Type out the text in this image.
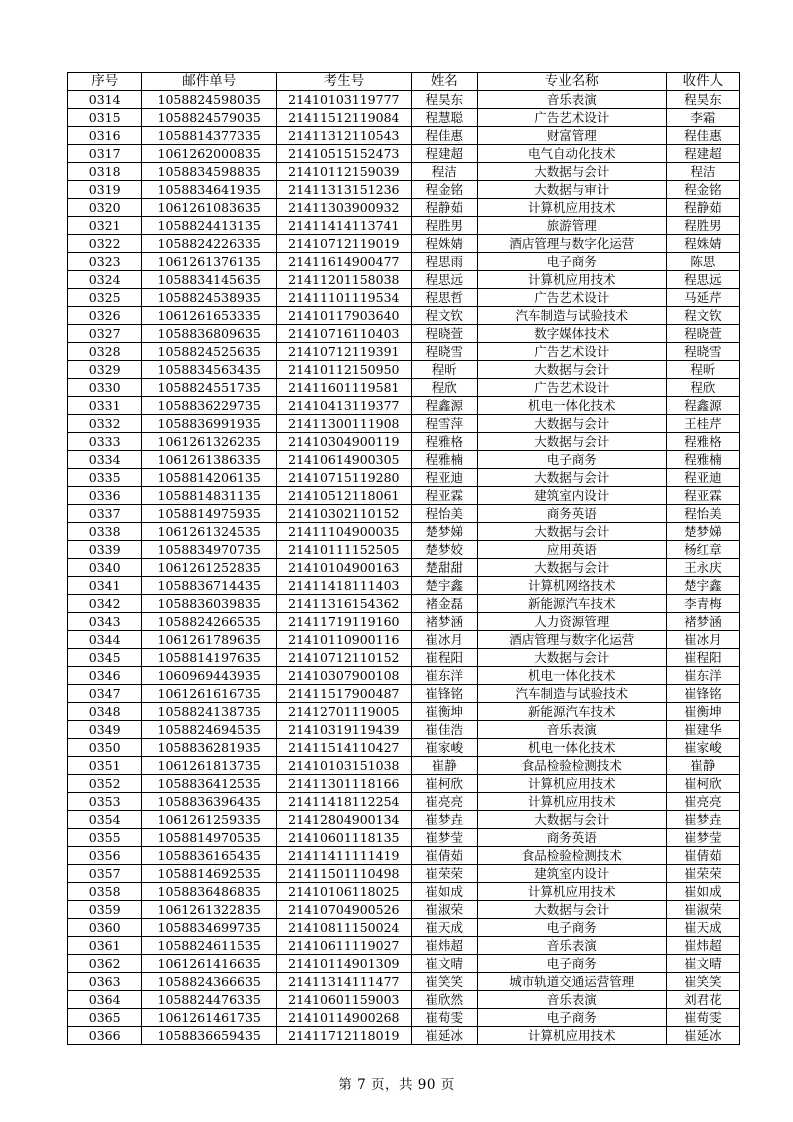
序号	邮件单号	考生号	姓名	专业名称	收件人
0314	1058824598035	21410103119777	程昊东	音乐表演	程昊东
0315	1058824579035	21411512119084	程慧聪	广告艺术设计	李霜
0316	1058814377335	21411312110543	程佳惠	财富管理	程佳惠
0317	1061262000835	21410515152473	程建超	电气自动化技术	程建超
0318	1058834598835	21410112159039	程洁	大数据与会计	程洁
0319	1058834641935	21411313151236	程金铭	大数据与审计	程金铭
0320	1061261083635	21411303900932	程静茹	计算机应用技术	程静茹
0321	1058824413135	21411414113741	程胜男	旅游管理	程胜男
0322	1058824226335	21410712119019	程姝婧	酒店管理与数字化运营	程姝婧
0323	1061261376135	21411614900477	程思雨	电子商务	陈思
0324	1058834145635	21411201158038	程思远	计算机应用技术	程思远
0325	1058824538935	21411101119534	程思哲	广告艺术设计	马延芹
0326	1061261653335	21410117903640	程文钦	汽车制造与试验技术	程文钦
0327	1058836809635	21410716110403	程晓萱	数字媒体技术	程晓萱
0328	1058824525635	21410712119391	程晓雪	广告艺术设计	程晓雪
0329	1058834563435	21410112150950	程昕	大数据与会计	程昕
0330	1058824551735	21411601119581	程欣	广告艺术设计	程欣
0331	1058836229735	21410413119377	程鑫源	机电一体化技术	程鑫源
0332	1058836991935	21411300111908	程雪萍	大数据与会计	王桂芹
0333	1061261326235	21410304900119	程雅格	大数据与会计	程雅格
0334	1061261386335	21410614900305	程雅楠	电子商务	程雅楠
0335	1058814206135	21410715119280	程亚迪	大数据与会计	程亚迪
0336	1058814831135	21410512118061	程亚霖	建筑室内设计	程亚霖
0337	1058814975935	21410302110152	程怡美	商务英语	程怡美
0338	1061261324535	21411104900035	楚梦娣	大数据与会计	楚梦娣
0339	1058834970735	21410111152505	楚梦姣	应用英语	杨红章
0340	1061261252835	21410104900163	楚甜甜	大数据与会计	王永庆
0341	1058836714435	21411418111403	楚宇鑫	计算机网络技术	楚宇鑫
0342	1058836039835	21411316154362	褚金磊	新能源汽车技术	李青梅
0343	1058824266535	21411719119160	褚梦涵	人力资源管理	褚梦涵
0344	1061261789635	21410110900116	崔冰月	酒店管理与数字化运营	崔冰月
0345	1058814197635	21410712110152	崔程阳	大数据与会计	崔程阳
0346	1060969443935	21410307900108	崔东洋	机电一体化技术	崔东洋
0347	1061261616735	21411517900487	崔锋铭	汽车制造与试验技术	崔锋铭
0348	1058824138735	21412701119005	崔衡坤	新能源汽车技术	崔衡坤
0349	1058824694535	21410319119439	崔佳浩	音乐表演	崔建华
0350	1058836281935	21411514110427	崔家峻	机电一体化技术	崔家峻
0351	1061261813735	21410103151038	崔静	食品检验检测技术	崔静
0352	1058836412535	21411301118166	崔柯欣	计算机应用技术	崔柯欣
0353	1058836396435	21411418112254	崔亮亮	计算机应用技术	崔亮亮
0354	1061261259335	21412804900134	崔梦垚	大数据与会计	崔梦垚
0355	1058814970535	21410601118135	崔梦莹	商务英语	崔梦莹
0356	1058836165435	21411411111419	崔倩茹	食品检验检测技术	崔倩茹
0357	1058814692535	21411501110498	崔荣荣	建筑室内设计	崔荣荣
0358	1058836486835	21410106118025	崔如成	计算机应用技术	崔如成
0359	1061261322835	21410704900526	崔淑荣	大数据与会计	崔淑荣
0360	1058834699735	21410811150024	崔天成	电子商务	崔天成
0361	1058824611535	21410611119027	崔炜超	音乐表演	崔炜超
0362	1061261416635	21410114901309	崔文晴	电子商务	崔文晴
0363	1058824366635	21411314111477	崔笑笑	城市轨道交通运营管理	崔笑笑
0364	1058824476335	21410601159003	崔欣然	音乐表演	刘君花
0365	1061261461735	21410114900268	崔荀雯	电子商务	崔荀雯
0366	1058836659435	21411712118019	崔延冰	计算机应用技术	崔延冰
第 7 页，共 90 页
